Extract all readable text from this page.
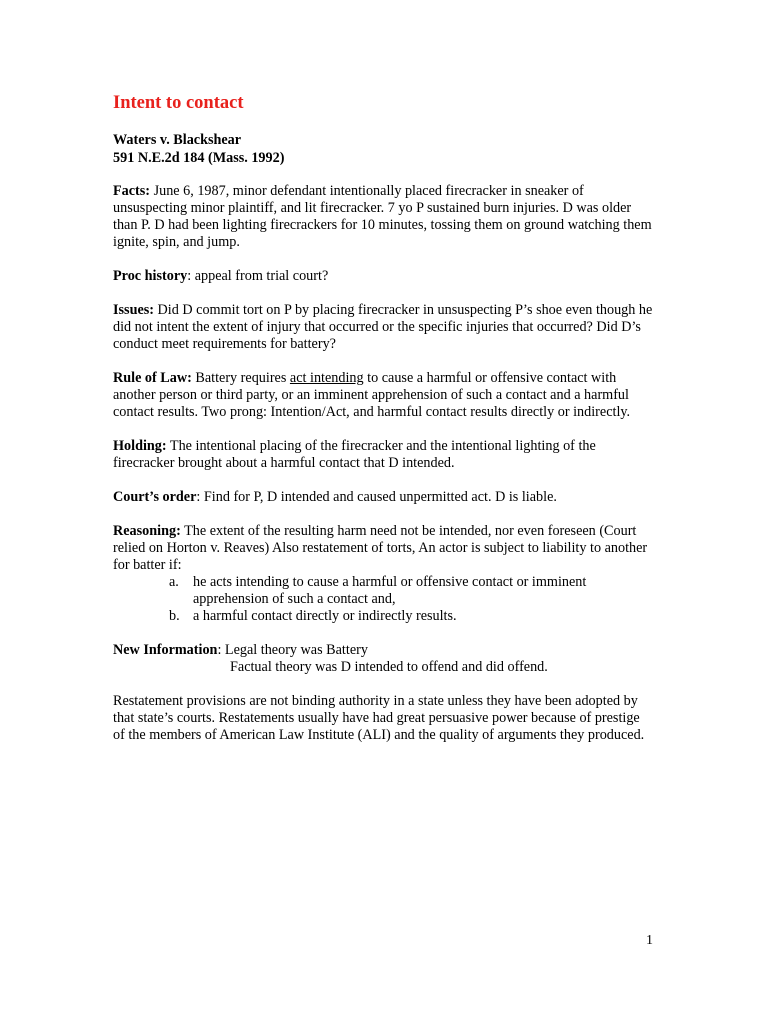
Intent to contact
Waters v. Blackshear
591 N.E.2d 184 (Mass. 1992)

Facts: June 6, 1987, minor defendant intentionally placed firecracker in sneaker of unsuspecting minor plaintiff, and lit firecracker. 7 yo P sustained burn injuries. D was older than P. D had been lighting firecrackers for 10 minutes, tossing them on ground watching them ignite, spin, and jump.

Proc history: appeal from trial court?

Issues: Did D commit tort on P by placing firecracker in unsuspecting P’s shoe even though he did not intent the extent of injury that occurred or the specific injuries that occurred? Did D’s conduct meet requirements for battery?

Rule of Law: Battery requires act intending to cause a harmful or offensive contact with another person or third party, or an imminent apprehension of such a contact and a harmful contact results. Two prong: Intention/Act, and harmful contact results directly or indirectly.

Holding: The intentional placing of the firecracker and the intentional lighting of the firecracker brought about a harmful contact that D intended.

Court’s order: Find for P, D intended and caused unpermitted act. D is liable.

Reasoning: The extent of the resulting harm need not be intended, nor even foreseen (Court relied on Horton v. Reaves) Also restatement of torts, An actor is subject to liability to another for batter if:

a. he acts intending to cause a harmful or offensive contact or imminent apprehension of such a contact and,
b. a harmful contact directly or indirectly results.
New Information: Legal theory was Battery
Factual theory was D intended to offend and did offend.

Restatement provisions are not binding authority in a state unless they have been adopted by that state’s courts. Restatements usually have had great persuasive power because of prestige of the members of American Law Institute (ALI) and the quality of arguments they produced.

1
